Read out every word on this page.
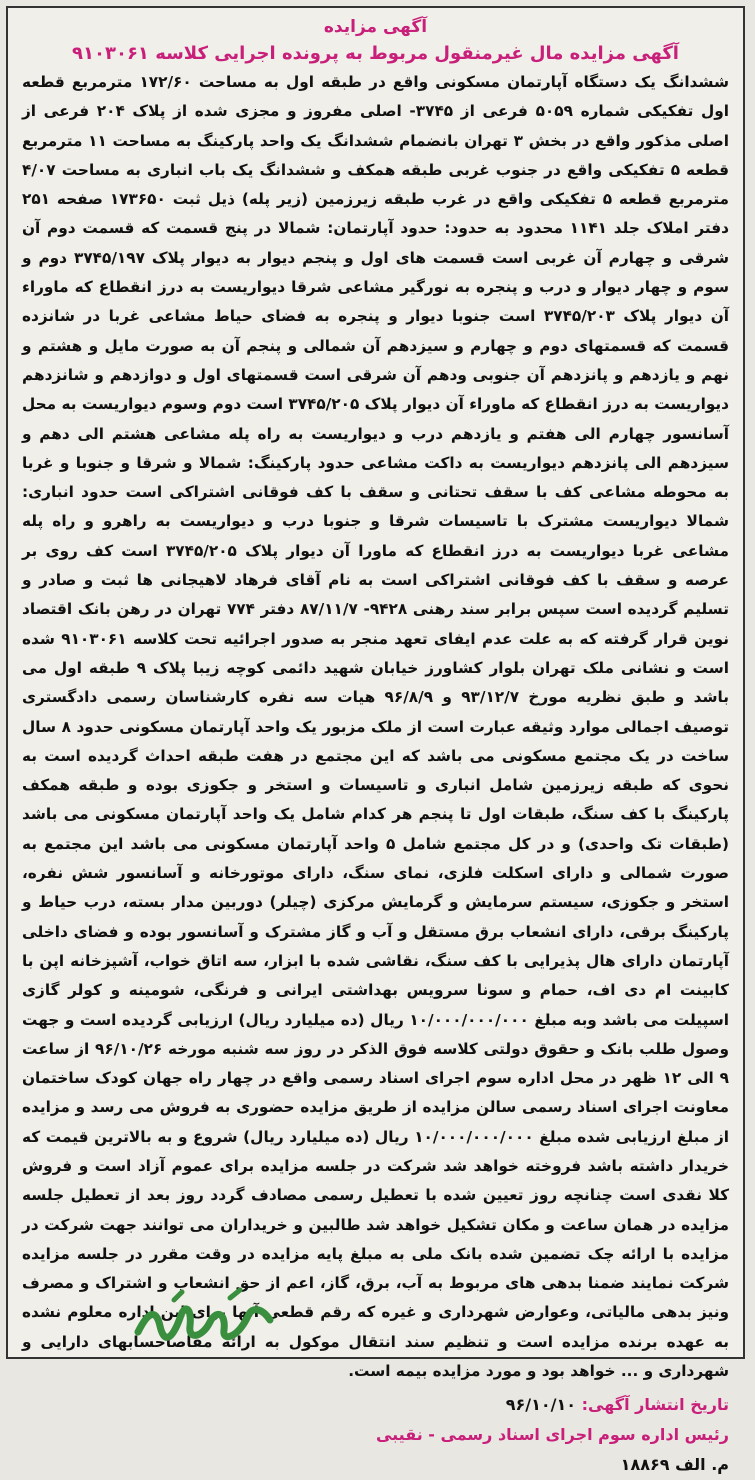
آگهی مزایده
آگهی مزایده مال غیرمنقول مربوط به پرونده اجرایی کلاسه ۹۱۰۳۰۶۱

ششدانگ یک دستگاه آپارتمان مسکونی واقع در طبقه اول به مساحت ۱۷۲/۶۰ مترمربع قطعه اول تفکیکی شماره ۵۰۵۹ فرعی از ۳۷۴۵- اصلی مفروز و مجزی شده از پلاک ۲۰۴ فرعی از اصلی مذکور واقع در بخش ۳ تهران بانضمام ششدانگ یک واحد پارکینگ به مساحت ۱۱ مترمربع قطعه ۵ تفکیکی واقع در جنوب غربی طبقه همکف و ششدانگ یک باب انباری به مساحت ۴/۰۷ مترمربع قطعه ۵ تفکیکی واقع در غرب طبقه زیرزمین (زیر پله) ذیل ثبت ۱۷۳۶۵۰ صفحه ۲۵۱ دفتر املاک جلد ۱۱۴۱ محدود به حدود: حدود آپارتمان: شمالا در پنج قسمت که قسمت دوم آن شرقی و چهارم آن غربی است قسمت های اول و پنجم دیوار به دیوار پلاک ۳۷۴۵/۱۹۷ دوم و سوم و چهار دیوار و درب و پنجره به نورگیر مشاعی شرقا دیواریست به درز انقطاع که ماوراء آن دیوار پلاک ۳۷۴۵/۲۰۳ است جنوبا دیوار و پنجره به فضای حیاط مشاعی غربا در شانزده قسمت که قسمتهای دوم و چهارم و سیزدهم آن شمالی و پنجم آن به صورت مایل و هشتم و نهم و یازدهم و پانزدهم آن جنوبی ودهم آن شرقی است قسمتهای اول و دوازدهم و شانزدهم دیواریست به درز انقطاع که ماوراء آن دیوار پلاک ۳۷۴۵/۲۰۵ است دوم وسوم دیواریست به محل آسانسور چهارم الی هفتم و یازدهم درب و دیواریست به راه پله مشاعی هشتم الی دهم و سیزدهم الی پانزدهم دیواریست به داکت مشاعی حدود پارکینگ: شمالا و شرقا و جنوبا و غربا به محوطه مشاعی کف با سقف تحتانی و سقف با کف فوقانی اشتراکی است حدود انباری: شمالا دیواریست مشترک با تاسیسات شرقا و جنوبا درب و دیواریست به راهرو و راه پله مشاعی غربا دیواریست به درز انقطاع که ماورا آن دیوار پلاک ۳۷۴۵/۲۰۵ است کف روی بر عرصه و سقف با کف فوقانی اشتراکی است به نام آقای فرهاد لاهیجانی ها ثبت و صادر و تسلیم گردیده است سپس برابر سند رهنی ۹۴۲۸- ۸۷/۱۱/۷ دفتر ۷۷۴ تهران در رهن بانک اقتصاد نوین قرار گرفته که به علت عدم ایفای تعهد منجر به صدور اجرائیه تحت کلاسه ۹۱۰۳۰۶۱ شده است و نشانی ملک تهران بلوار کشاورز خیابان شهید دائمی کوچه زیبا پلاک ۹ طبقه اول می باشد و طبق نظریه مورخ ۹۳/۱۲/۷ و ۹۶/۸/۹ هیات سه نفره کارشناسان رسمی دادگستری توصیف اجمالی موارد وثیقه عبارت است از ملک مزبور یک واحد آپارتمان مسکونی حدود ۸ سال ساخت در یک مجتمع مسکونی می باشد که این مجتمع در هفت طبقه احداث گردیده است به نحوی که طبقه زیرزمین شامل انباری و تاسیسات و استخر و جکوزی بوده و طبقه همکف پارکینگ با کف سنگ، طبقات اول تا پنجم هر کدام شامل یک واحد آپارتمان مسکونی می باشد (طبقات تک واحدی) و در کل مجتمع شامل ۵ واحد آپارتمان مسکونی می باشد این مجتمع به صورت شمالی و دارای اسکلت فلزی، نمای سنگ، دارای موتورخانه و آسانسور شش نفره، استخر و جکوزی، سیستم سرمایش و گرمایش مرکزی (چیلر) دوربین مدار بسته، درب حیاط و پارکینگ برقی، دارای انشعاب برق مستقل و آب و گاز مشترک و آسانسور بوده و فضای داخلی آپارتمان دارای هال پذیرایی با کف سنگ، نقاشی شده با ابزار، سه اتاق خواب، آشپزخانه اپن با کابینت ام دی اف، حمام و سونا سرویس بهداشتی ایرانی و فرنگی، شومینه و کولر گازی اسپیلت می باشد وبه مبلغ ۱۰/۰۰۰/۰۰۰/۰۰۰ ریال (ده میلیارد ریال) ارزیابی گردیده است و جهت وصول طلب بانک و حقوق دولتی کلاسه فوق الذکر در روز سه شنبه مورخه ۹۶/۱۰/۲۶ از ساعت ۹ الی ۱۲ ظهر در محل اداره سوم اجرای اسناد رسمی واقع در چهار راه جهان کودک ساختمان معاونت اجرای اسناد رسمی سالن مزایده از طریق مزایده حضوری به فروش می رسد و مزایده از مبلغ ارزیابی شده مبلغ ۱۰/۰۰۰/۰۰۰/۰۰۰ ریال (ده میلیارد ریال) شروع و به بالاترین قیمت که خریدار داشته باشد فروخته خواهد شد شرکت در جلسه مزایده برای عموم آزاد است و فروش کلا نقدی است چنانچه روز تعیین شده با تعطیل رسمی مصادف گردد روز بعد از تعطیل جلسه مزایده در همان ساعت و مکان تشکیل خواهد شد طالبین و خریداران می توانند جهت شرکت در مزایده با ارائه چک تضمین شده بانک ملی به مبلغ پایه مزایده در وقت مقرر در جلسه مزایده شرکت نمایند ضمنا بدهی های مربوط به آب، برق، گاز، اعم از حق انشعاب و اشتراک و مصرف ونیز بدهی مالیاتی، وعوارض شهرداری و غیره که رقم قطعی آنها برای این اداره معلوم نشده به عهده برنده مزایده است و تنظیم سند انتقال موکول به ارائه مفاصاحسابهای دارایی و شهرداری و ... خواهد بود و مورد مزایده بیمه است.

تاریخ انتشار آگهی: ۹۶/۱۰/۱۰
رئیس اداره سوم اجرای اسناد رسمی - نقیبی
م. الف ۱۸۸۶۹
